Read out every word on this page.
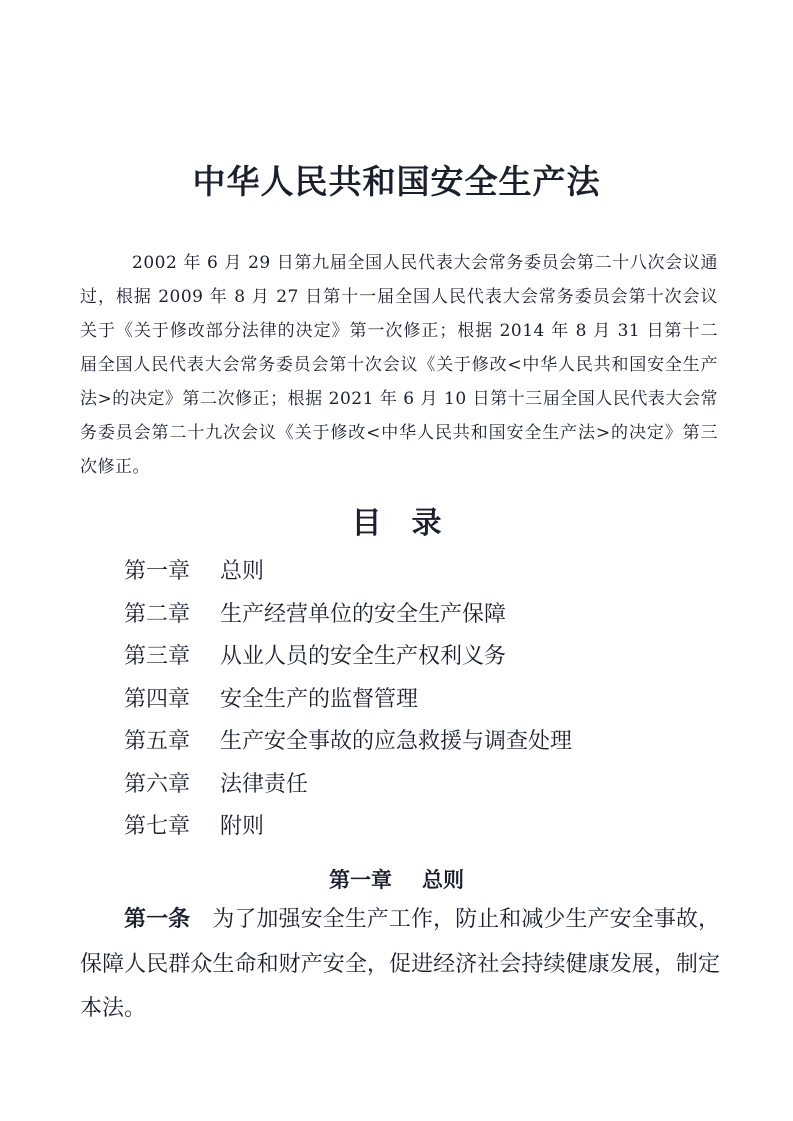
中华人民共和国安全生产法
2002 年 6 月 29 日第九届全国人民代表大会常务委员会第二十八次会议通过，根据 2009 年 8 月 27 日第十一届全国人民代表大会常务委员会第十次会议关于《关于修改部分法律的决定》第一次修正；根据 2014 年 8 月 31 日第十二届全国人民代表大会常务委员会第十次会议《关于修改<中华人民共和国安全生产法>的决定》第二次修正；根据 2021 年 6 月 10 日第十三届全国人民代表大会常务委员会第二十九次会议《关于修改<中华人民共和国安全生产法>的决定》第三次修正。
目录
第一章 总则
第二章 生产经营单位的安全生产保障
第三章 从业人员的安全生产权利义务
第四章 安全生产的监督管理
第五章 生产安全事故的应急救援与调查处理
第六章 法律责任
第七章 附则
第一章 总则
第一条 为了加强安全生产工作，防止和减少生产安全事故，保障人民群众生命和财产安全，促进经济社会持续健康发展，制定本法。
